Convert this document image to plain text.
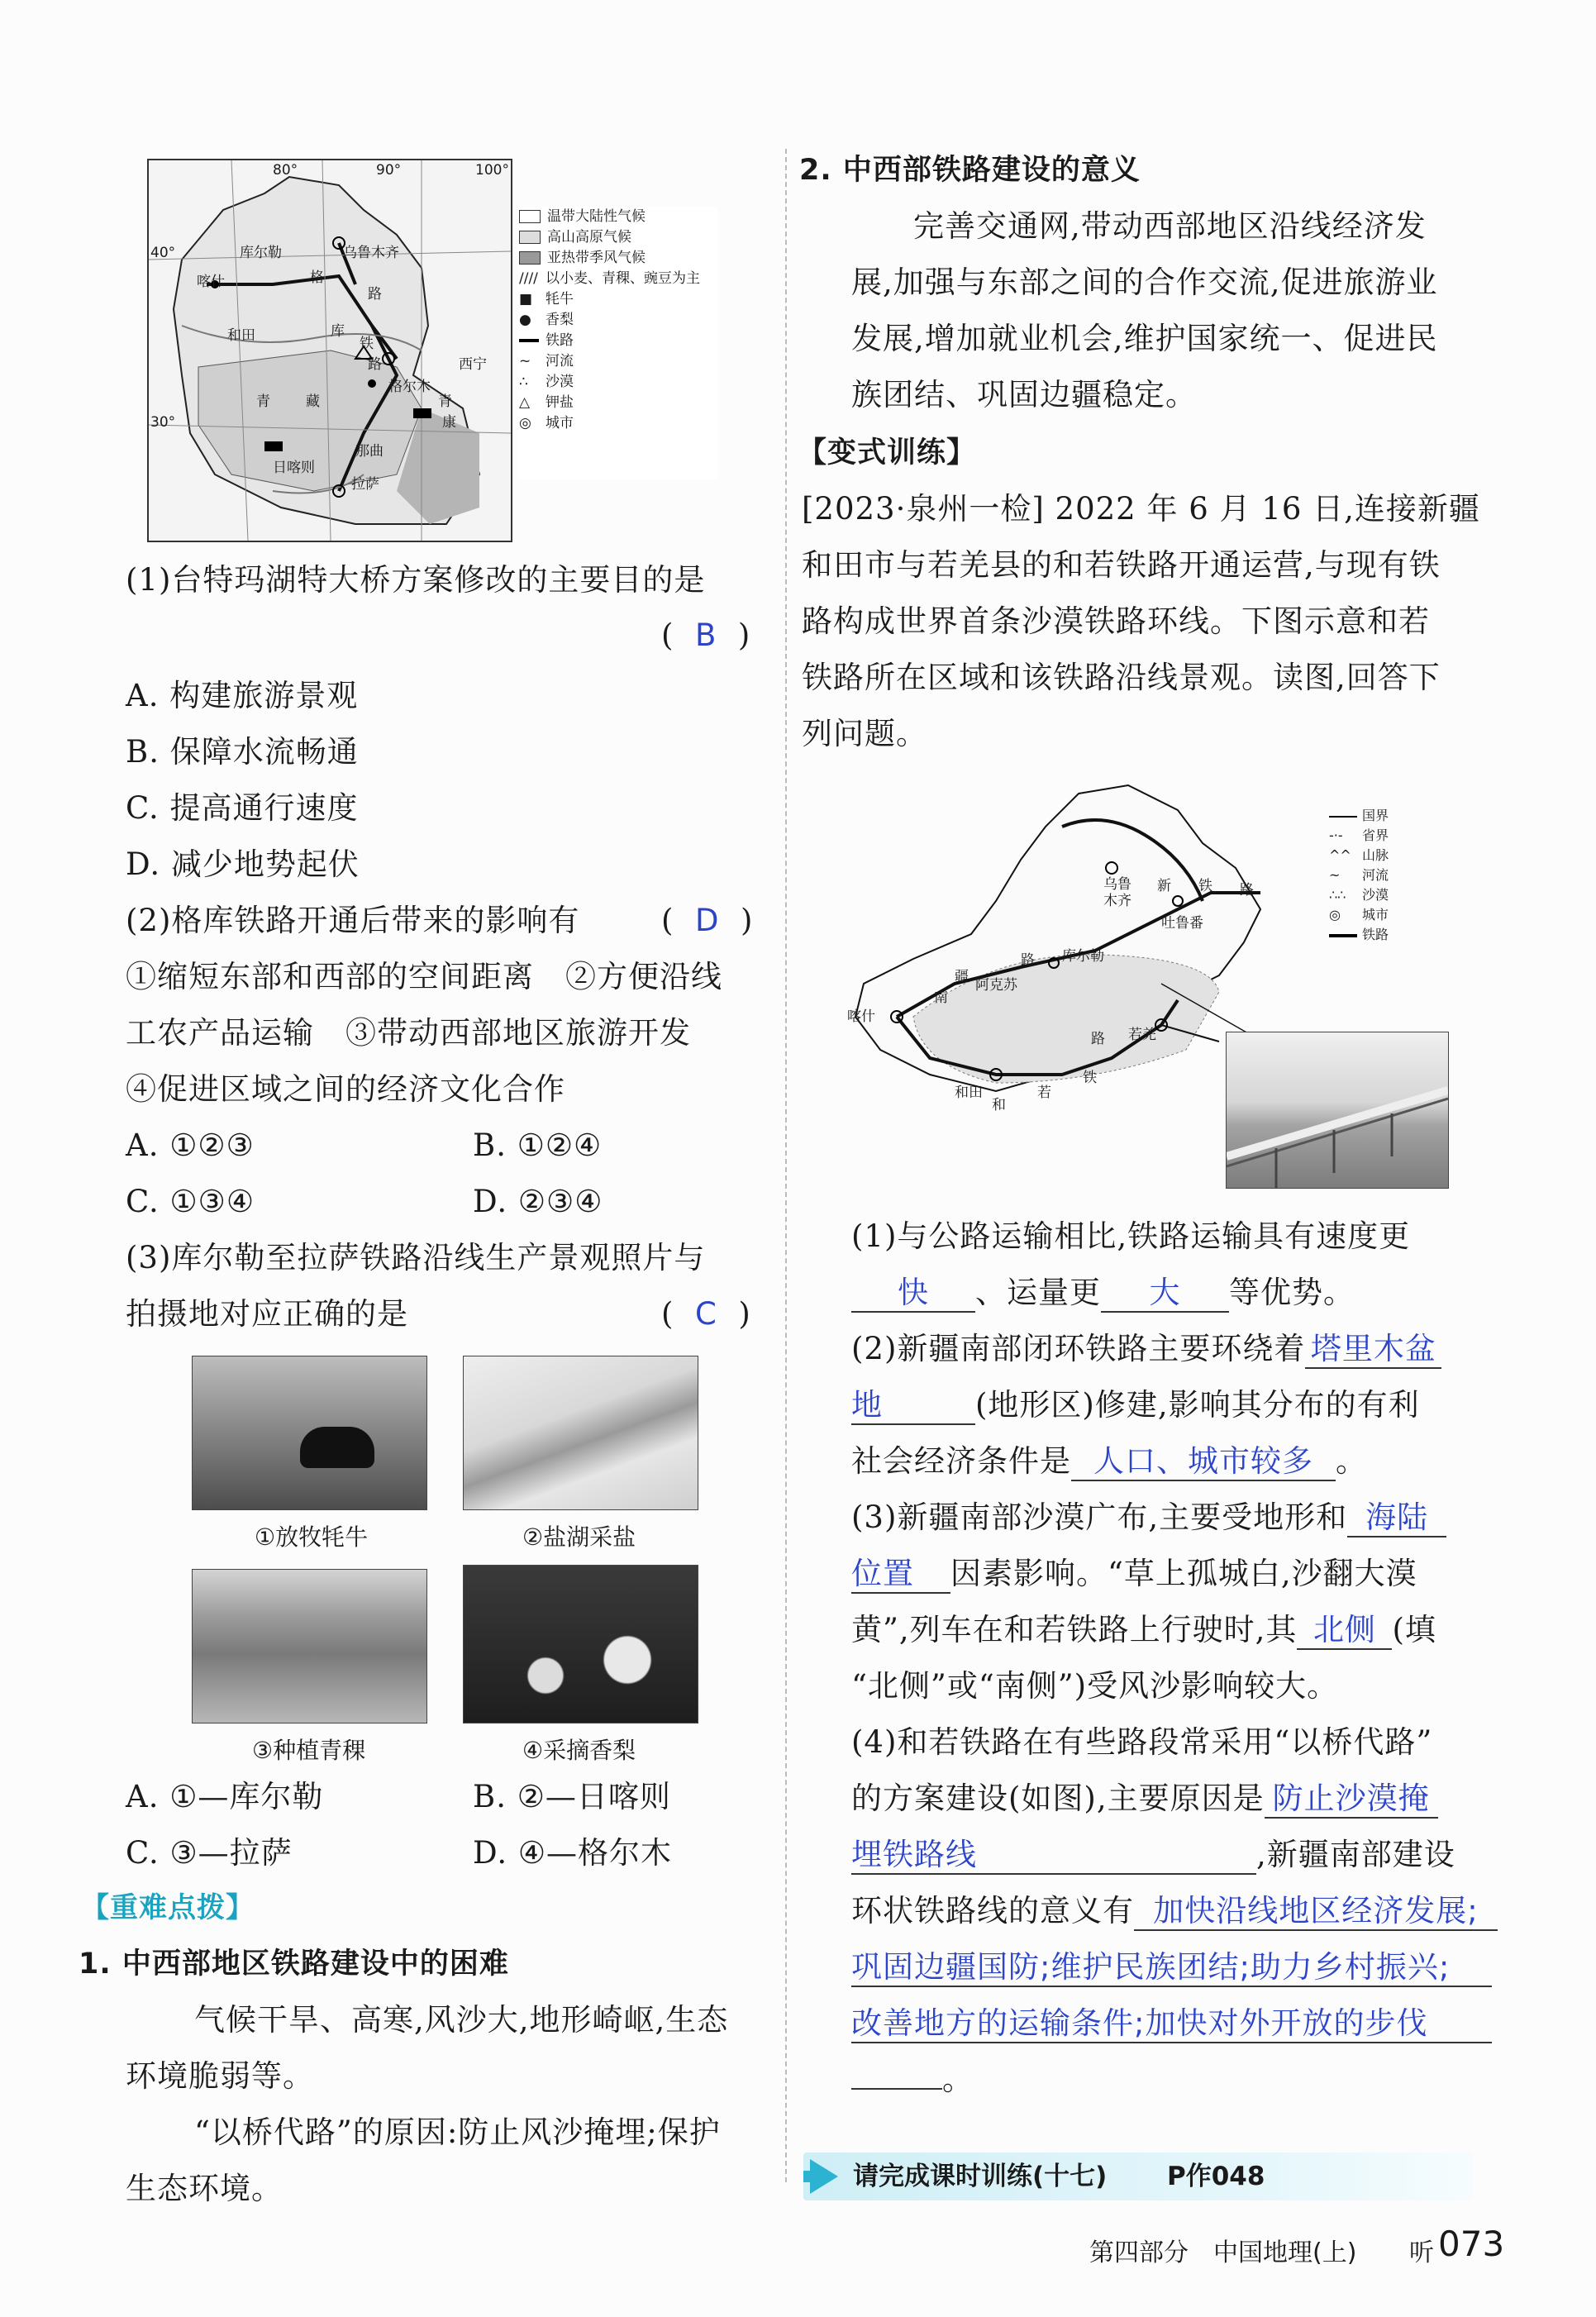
80°	90°	100°
40°
30°
库尔勒	乌鲁木齐
喀什
和田	库
格
路
铁
路	西宁
格尔木
青	藏	青
康
那曲
日喀则
拉萨
温带大陆性气候
高山高原气候
亚热带季风气候
//// 以小麦、青稞、豌豆为主
■ 牦牛
● 香梨
铁路
~ 河流
∴ 沙漠
△ 钾盐
◎ 城市
(1)台特玛湖特大桥方案修改的主要目的是
( B )
A. 构建旅游景观
B. 保障水流畅通
C. 提高通行速度
D. 减少地势起伏
(2)格库铁路开通后带来的影响有	( D )
①缩短东部和西部的空间距离　②方便沿线
工农产品运输　③带动西部地区旅游开发
④促进区域之间的经济文化合作
A. ①②③	B. ①②④
C. ①③④	D. ②③④
(3)库尔勒至拉萨铁路沿线生产景观照片与
拍摄地对应正确的是	( C )
①放牧牦牛	②盐湖采盐
③种植青稞	④采摘香梨
A. ①—库尔勒	B. ②—日喀则
C. ③—拉萨	D. ④—格尔木
【重难点拨】
1. 中西部地区铁路建设中的困难
气候干旱、高寒,风沙大,地形崎岖,生态
环境脆弱等。
“以桥代路”的原因:防止风沙掩埋;保护
生态环境。
2. 中西部铁路建设的意义
完善交通网,带动西部地区沿线经济发
展,加强与东部之间的合作交流,促进旅游业
发展,增加就业机会,维护国家统一、促进民
族团结、巩固边疆稳定。
【变式训练】
[2023·泉州一检] 2022 年 6 月 16 日,连接新疆
和田市与若羌县的和若铁路开通运营,与现有铁
路构成世界首条沙漠铁路环线。下图示意和若
铁路所在区域和该铁路沿线景观。读图,回答下
列问题。
乌鲁
木齐
吐鲁番
新 铁 路
库尔勒
阿克苏
南
疆
路
喀什
和田
和
若
铁
路 若羌
国界
-·- 省界
^^ 山脉
~ 河流
∴∴ 沙漠
◎ 城市
铁路
(1)与公路运输相比,铁路运输具有速度更
快 、运量更 大 等优势。
(2)新疆南部闭环铁路主要环绕着 塔里木盆
地	(地形区)修建,影响其分布的有利
社会经济条件是 人口、城市较多 。
(3)新疆南部沙漠广布,主要受地形和 海陆
位置 因素影响。“草上孤城白,沙翻大漠
黄”,列车在和若铁路上行驶时,其 北侧 (填
“北侧”或“南侧”)受风沙影响较大。
(4)和若铁路在有些路段常采用“以桥代路”
的方案建设(如图),主要原因是 防止沙漠掩
埋铁路线	,新疆南部建设
环状铁路线的意义有 加快沿线地区经济发展;
巩固边疆国防;维护民族团结;助力乡村振兴;
改善地方的运输条件;加快对外开放的步伐
。
请完成课时训练(十七) P作048
第四部分　中国地理(上) 听 073
